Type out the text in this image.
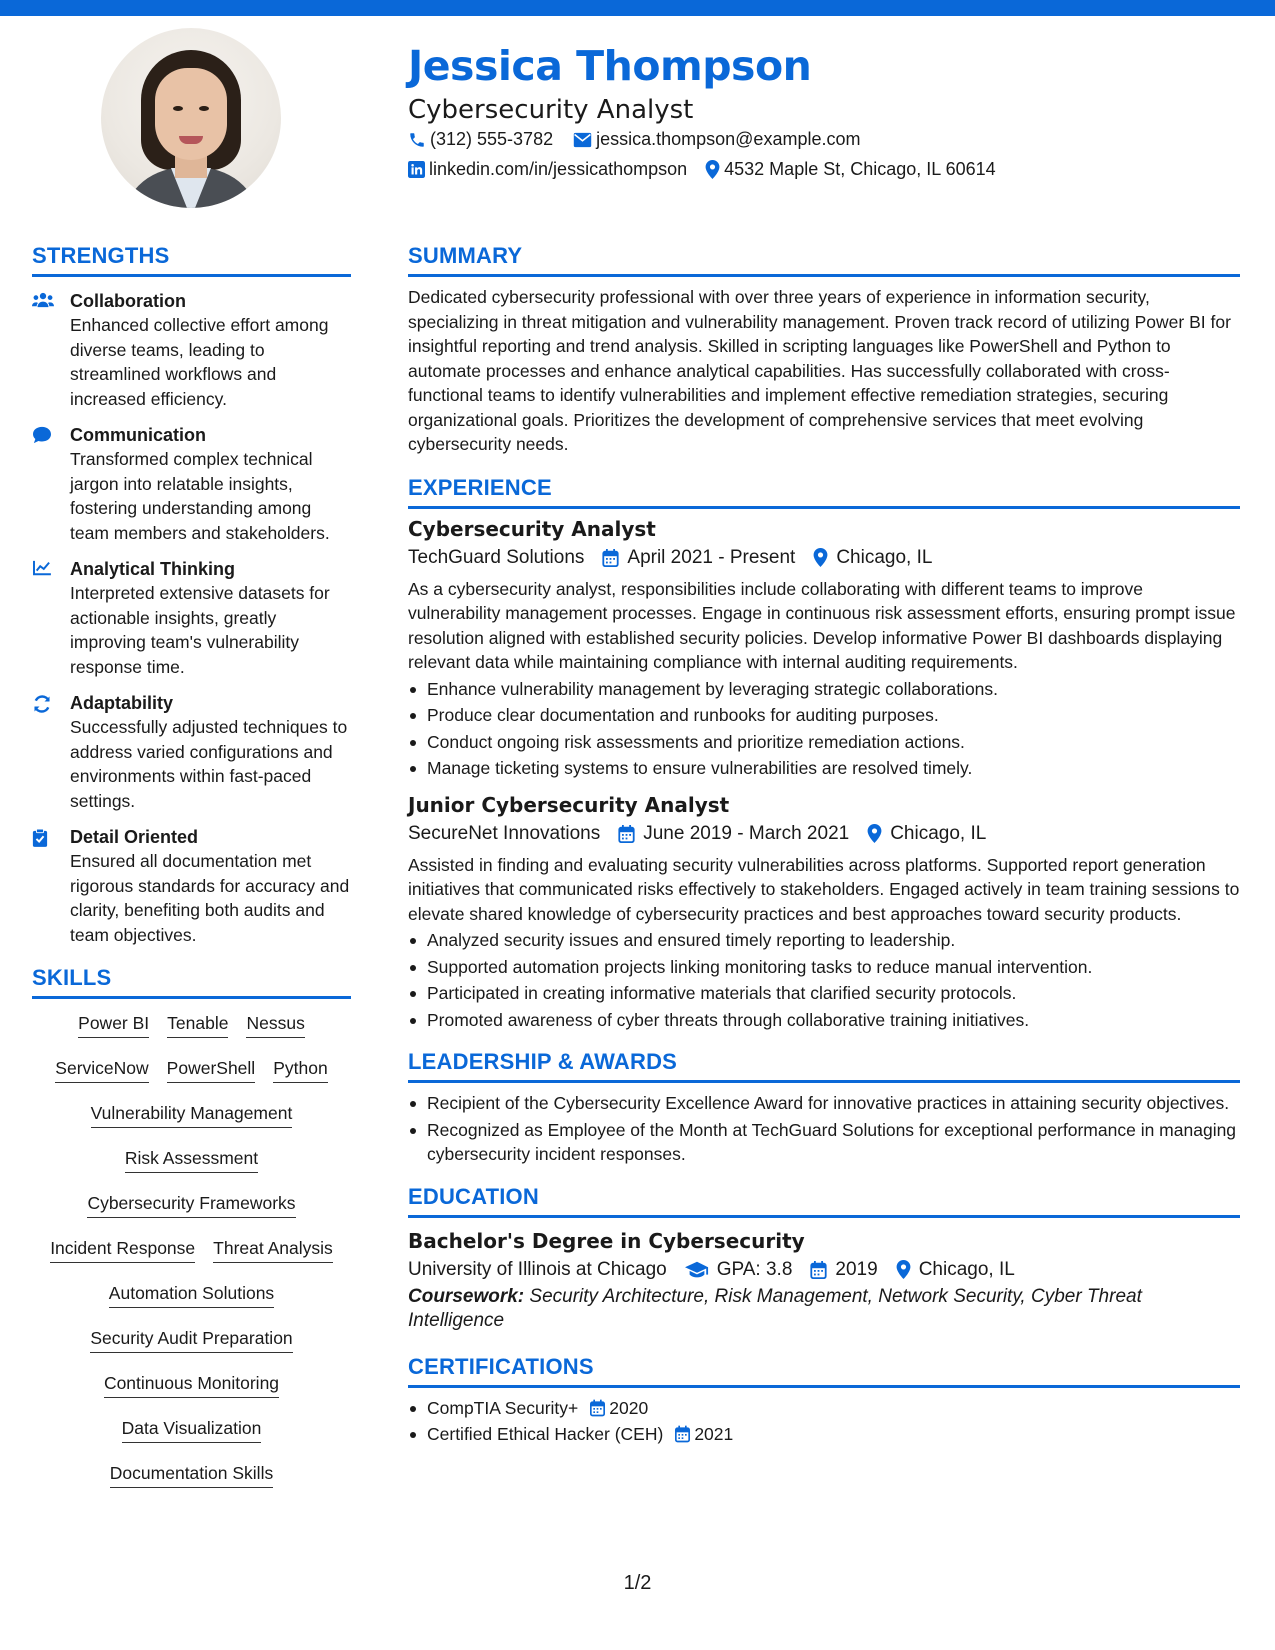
Jessica Thompson
Cybersecurity Analyst
(312) 555-3782 jessica.thompson@example.com
linkedin.com/in/jessicathompson 4532 Maple St, Chicago, IL 60614
STRENGTHS
Collaboration
Enhanced collective effort among diverse teams, leading to streamlined workflows and increased efficiency.
Communication
Transformed complex technical jargon into relatable insights, fostering understanding among team members and stakeholders.
Analytical Thinking
Interpreted extensive datasets for actionable insights, greatly improving team's vulnerability response time.
Adaptability
Successfully adjusted techniques to address varied configurations and environments within fast-paced settings.
Detail Oriented
Ensured all documentation met rigorous standards for accuracy and clarity, benefiting both audits and team objectives.
SKILLS
Power BI Tenable Nessus
ServiceNow PowerShell Python
Vulnerability Management
Risk Assessment
Cybersecurity Frameworks
Incident Response Threat Analysis
Automation Solutions
Security Audit Preparation
Continuous Monitoring
Data Visualization
Documentation Skills
SUMMARY
Dedicated cybersecurity professional with over three years of experience in information security, specializing in threat mitigation and vulnerability management. Proven track record of utilizing Power BI for insightful reporting and trend analysis. Skilled in scripting languages like PowerShell and Python to automate processes and enhance analytical capabilities. Has successfully collaborated with cross-functional teams to identify vulnerabilities and implement effective remediation strategies, securing organizational goals. Prioritizes the development of comprehensive services that meet evolving cybersecurity needs.
EXPERIENCE
Cybersecurity Analyst
TechGuard Solutions April 2021 - Present Chicago, IL
As a cybersecurity analyst, responsibilities include collaborating with different teams to improve vulnerability management processes. Engage in continuous risk assessment efforts, ensuring prompt issue resolution aligned with established security policies. Develop informative Power BI dashboards displaying relevant data while maintaining compliance with internal auditing requirements.
Enhance vulnerability management by leveraging strategic collaborations.
Produce clear documentation and runbooks for auditing purposes.
Conduct ongoing risk assessments and prioritize remediation actions.
Manage ticketing systems to ensure vulnerabilities are resolved timely.
Junior Cybersecurity Analyst
SecureNet Innovations June 2019 - March 2021 Chicago, IL
Assisted in finding and evaluating security vulnerabilities across platforms. Supported report generation initiatives that communicated risks effectively to stakeholders. Engaged actively in team training sessions to elevate shared knowledge of cybersecurity practices and best approaches toward security products.
Analyzed security issues and ensured timely reporting to leadership.
Supported automation projects linking monitoring tasks to reduce manual intervention.
Participated in creating informative materials that clarified security protocols.
Promoted awareness of cyber threats through collaborative training initiatives.
LEADERSHIP & AWARDS
Recipient of the Cybersecurity Excellence Award for innovative practices in attaining security objectives.
Recognized as Employee of the Month at TechGuard Solutions for exceptional performance in managing cybersecurity incident responses.
EDUCATION
Bachelor's Degree in Cybersecurity
University of Illinois at Chicago	GPA: 3.8 2019 Chicago, IL
Coursework: Security Architecture, Risk Management, Network Security, Cyber Threat Intelligence
CERTIFICATIONS
CompTIA Security+ 2020
Certified Ethical Hacker (CEH) 2021
1/2
